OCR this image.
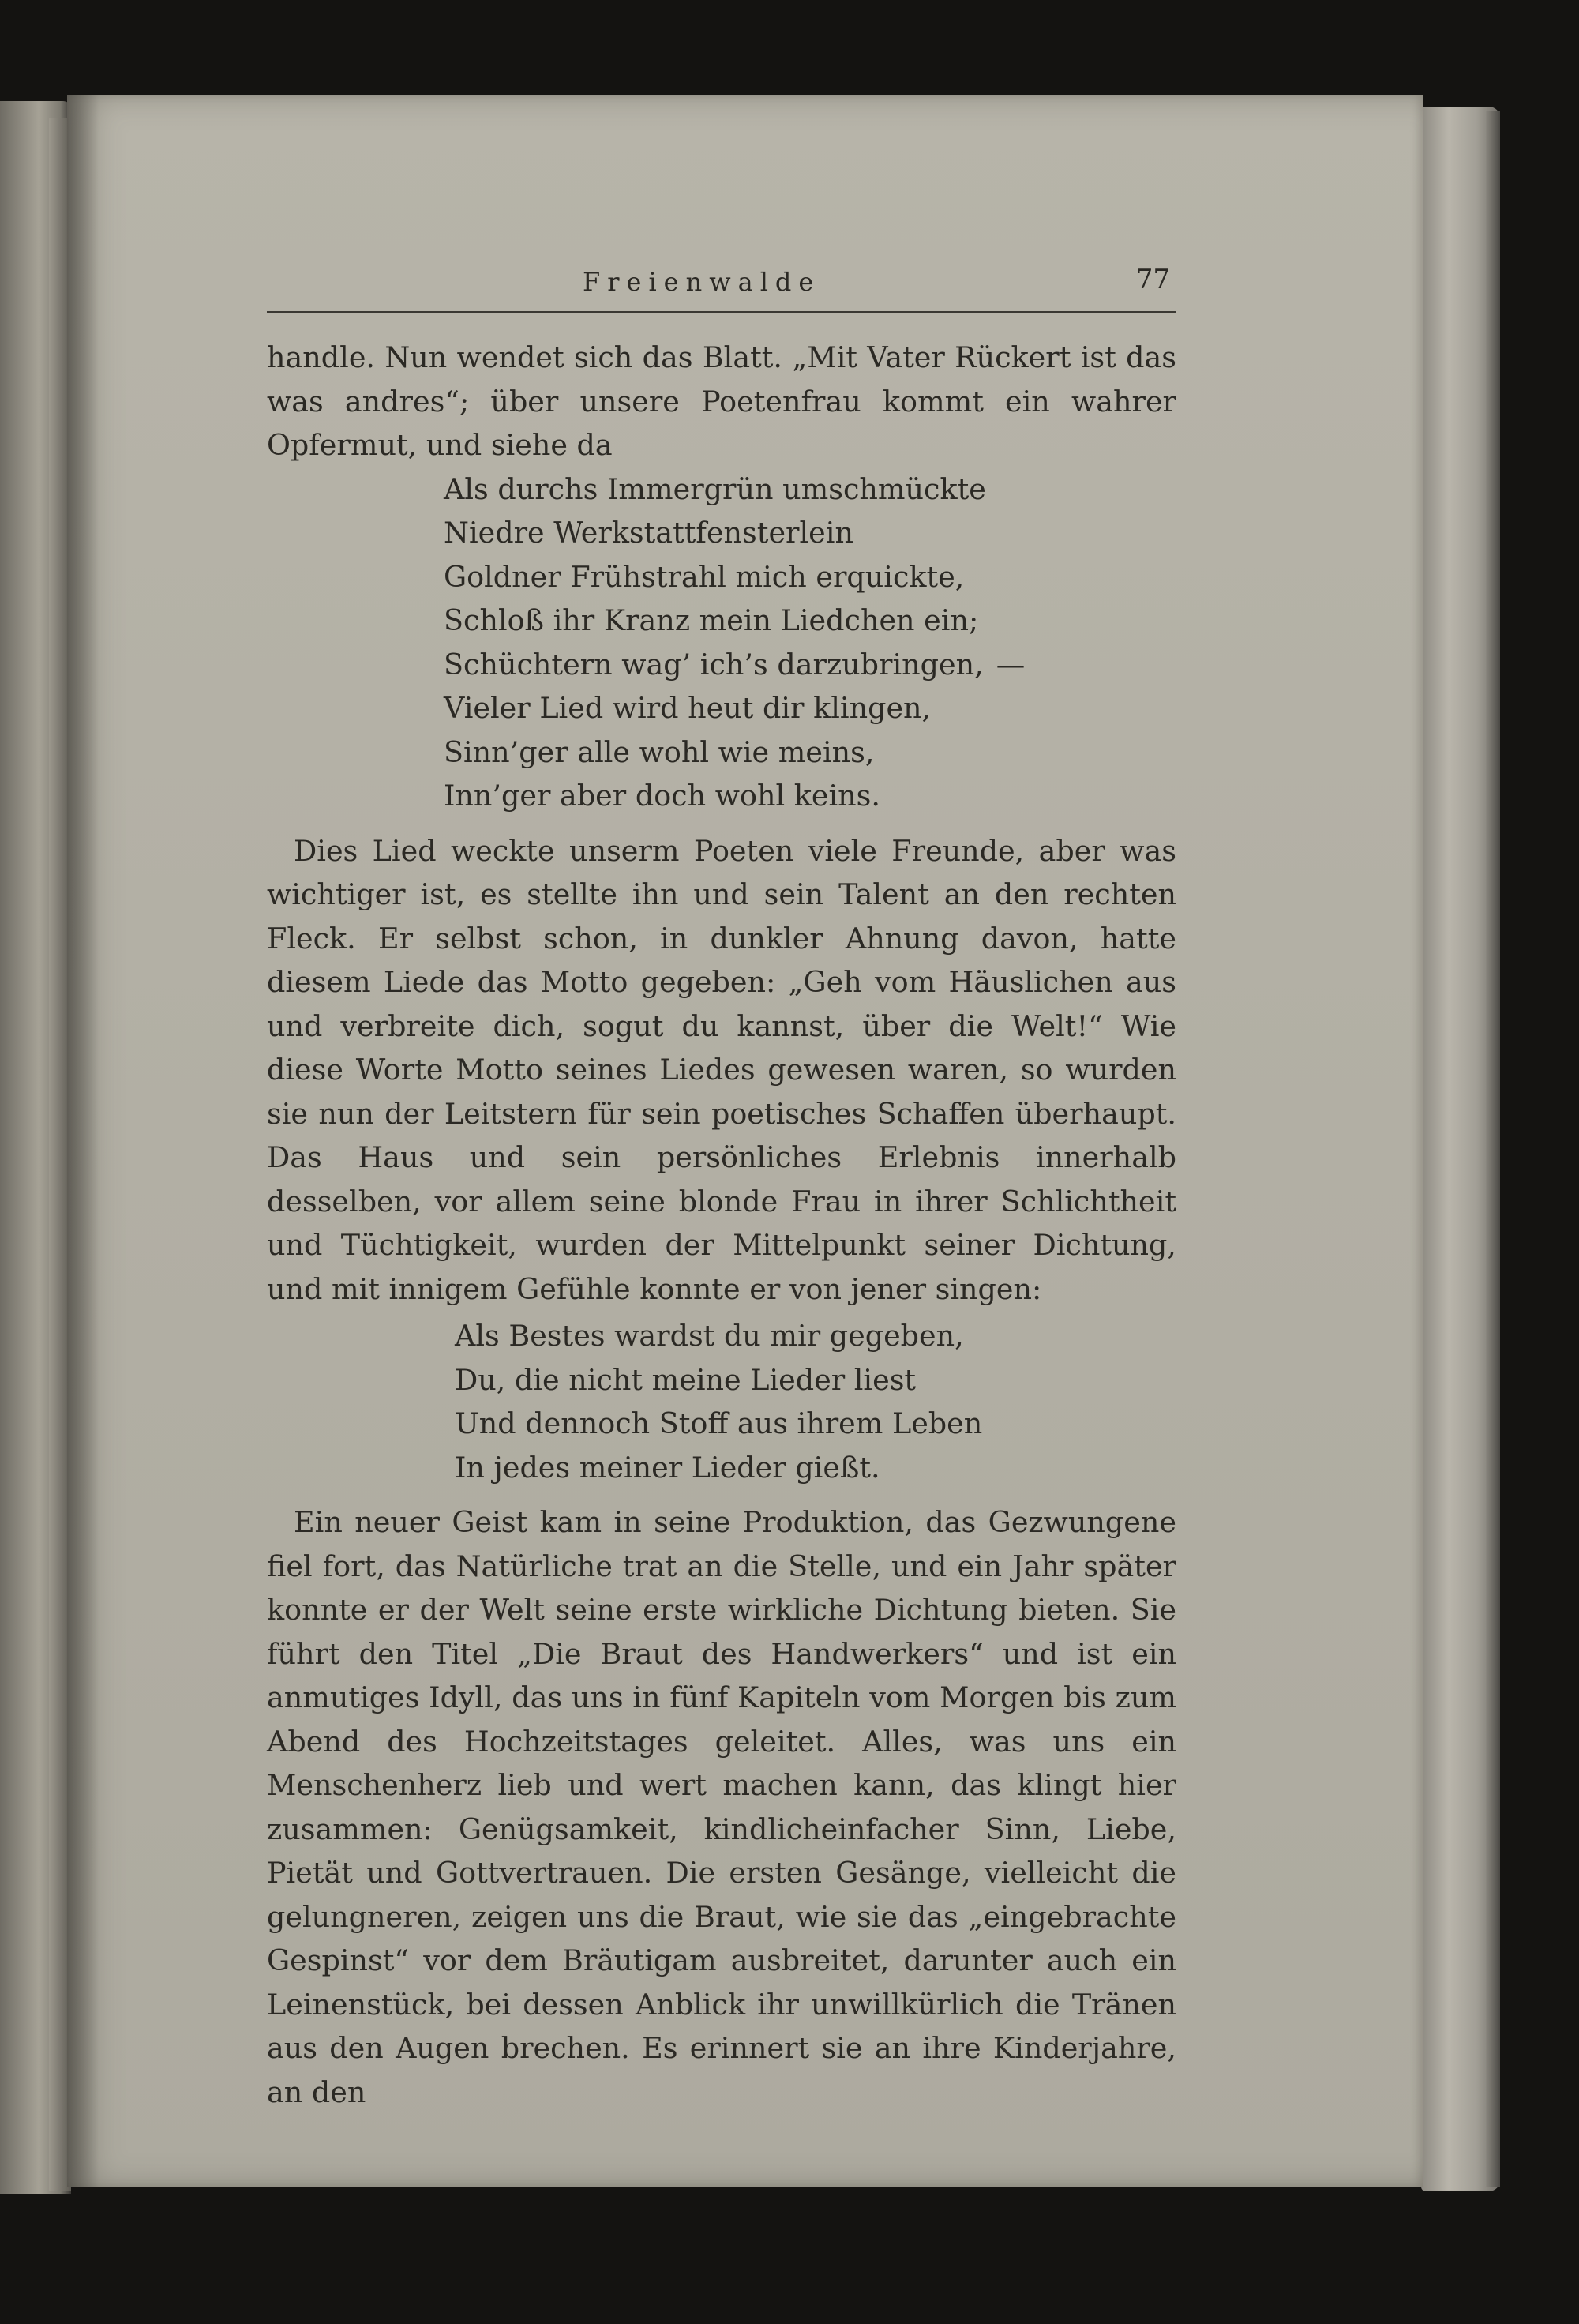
Freienwalde	77

handle. Nun wendet sich das Blatt. „Mit Vater Rückert ist das was andres“; über unsere Poetenfrau kommt ein wahrer Opfermut, und siehe da

Als durchs Immergrün umschmückte
Niedre Werkstattfensterlein
Goldner Frühstrahl mich erquickte,
Schloß ihr Kranz mein Liedchen ein;
Schüchtern wag’ ich’s darzubringen, —
Vieler Lied wird heut dir klingen,
Sinn’ger alle wohl wie meins,
Inn’ger aber doch wohl keins.

Dies Lied weckte unserm Poeten viele Freunde, aber was wichtiger ist, es stellte ihn und sein Talent an den rechten Fleck. Er selbst schon, in dunkler Ahnung davon, hatte diesem Liede das Motto gegeben: „Geh vom Häuslichen aus und verbreite dich, sogut du kannst, über die Welt!“ Wie diese Worte Motto seines Liedes gewesen waren, so wurden sie nun der Leitstern für sein poetisches Schaffen überhaupt. Das Haus und sein persönliches Erlebnis innerhalb desselben, vor allem seine blonde Frau in ihrer Schlichtheit und Tüchtigkeit, wurden der Mittelpunkt seiner Dichtung, und mit innigem Gefühle konnte er von jener singen:

Als Bestes wardst du mir gegeben,
Du, die nicht meine Lieder liest
Und dennoch Stoff aus ihrem Leben
In jedes meiner Lieder gießt.

Ein neuer Geist kam in seine Produktion, das Gezwungene fiel fort, das Natürliche trat an die Stelle, und ein Jahr später konnte er der Welt seine erste wirkliche Dichtung bieten. Sie führt den Titel „Die Braut des Handwerkers“ und ist ein anmutiges Idyll, das uns in fünf Kapiteln vom Morgen bis zum Abend des Hochzeitstages geleitet. Alles, was uns ein Menschenherz lieb und wert machen kann, das klingt hier zusammen: Genügsamkeit, kindlicheinfacher Sinn, Liebe, Pietät und Gottvertrauen. Die ersten Gesänge, vielleicht die gelungneren, zeigen uns die Braut, wie sie das „eingebrachte Gespinst“ vor dem Bräutigam ausbreitet, darunter auch ein Leinenstück, bei dessen Anblick ihr unwillkürlich die Tränen aus den Augen brechen. Es erinnert sie an ihre Kinderjahre, an den
